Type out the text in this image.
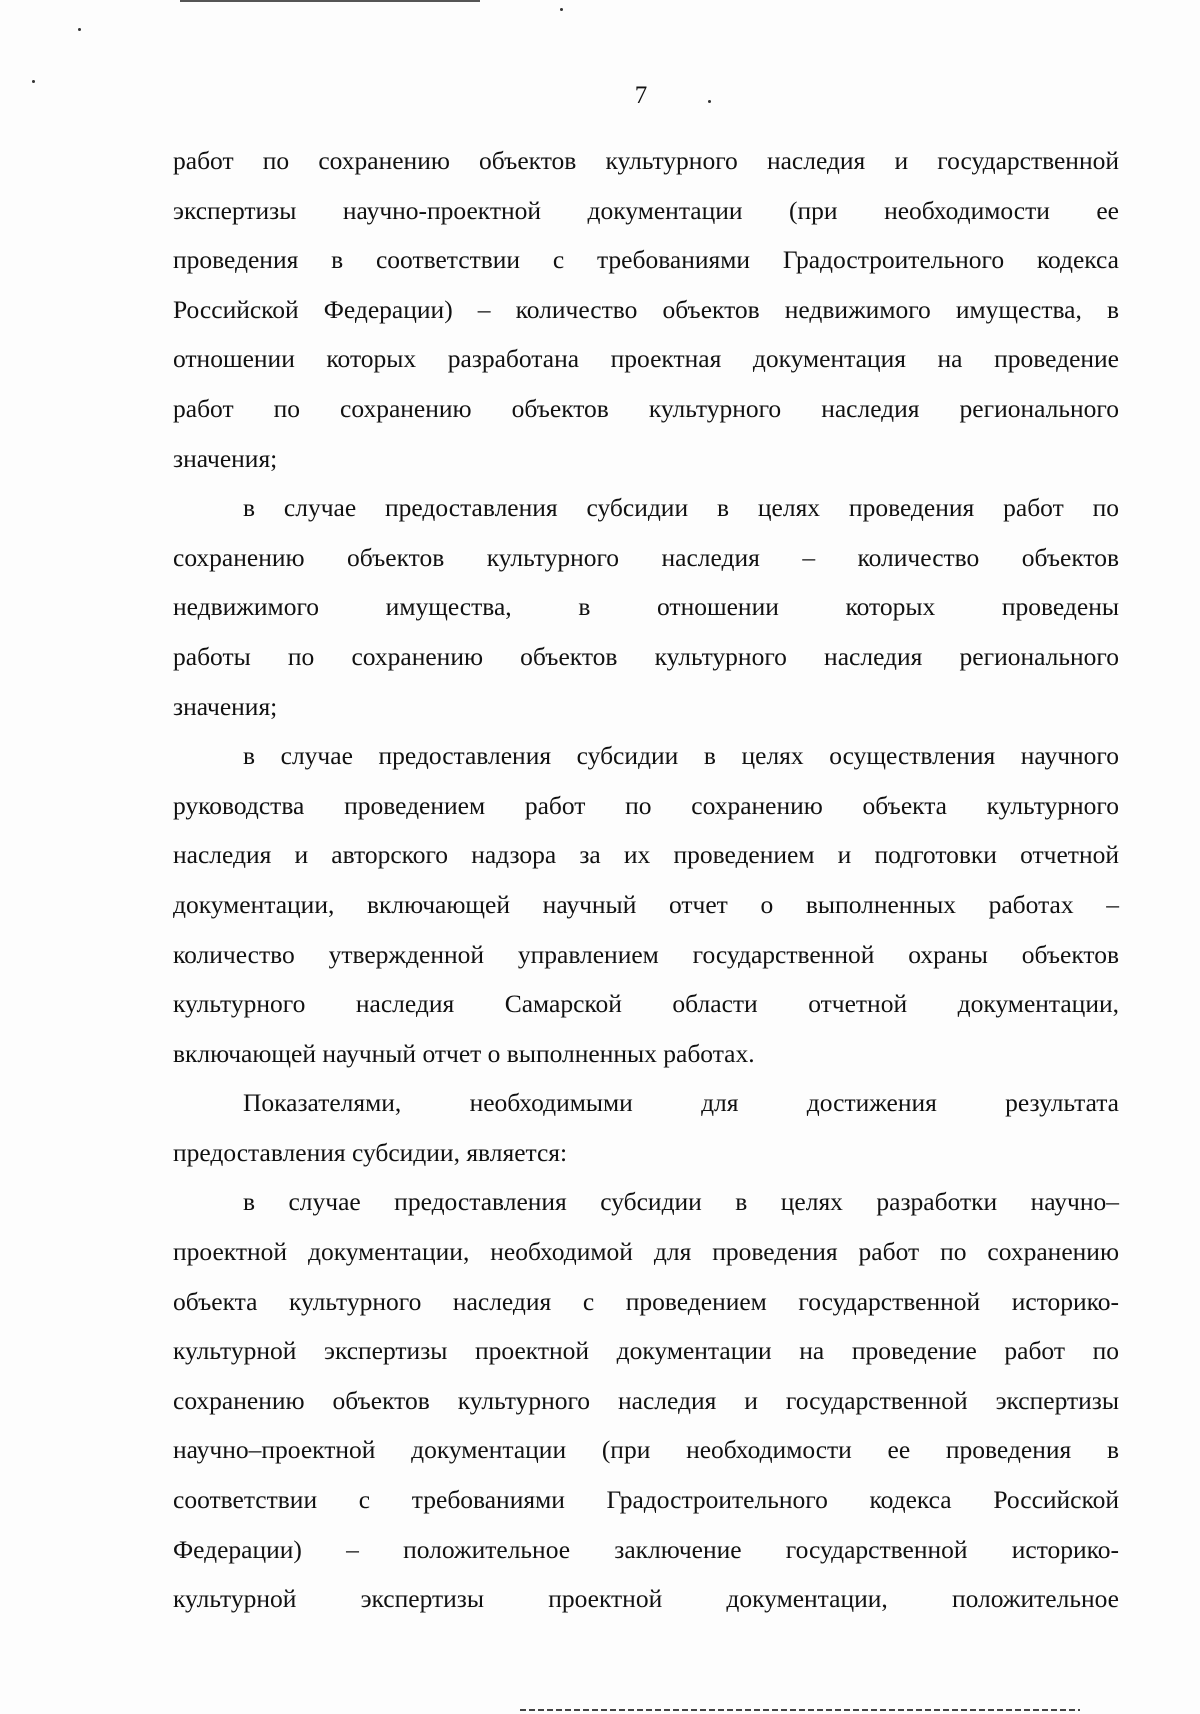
7

работ по сохранению объектов культурного наследия и государственной
экспертизы научно-проектной документации (при необходимости ее
проведения в соответствии с требованиями Градостроительного кодекса
Российской Федерации) – количество объектов недвижимого имущества, в
отношении которых разработана проектная документация на проведение
работ по сохранению объектов культурного наследия регионального
значения;

в случае предоставления субсидии в целях проведения работ по
сохранению объектов культурного наследия – количество объектов
недвижимого имущества, в отношении которых проведены
работы по сохранению объектов культурного наследия регионального
значения;

в случае предоставления субсидии в целях осуществления научного
руководства проведением работ по сохранению объекта культурного
наследия и авторского надзора за их проведением и подготовки отчетной
документации, включающей научный отчет о выполненных работах –
количество утвержденной управлением государственной охраны объектов
культурного наследия Самарской области отчетной документации,
включающей научный отчет о выполненных работах.

Показателями, необходимыми для достижения результата
предоставления субсидии, является:

в случае предоставления субсидии в целях разработки научно–
проектной документации, необходимой для проведения работ по сохранению
объекта культурного наследия с проведением государственной историко-
культурной экспертизы проектной документации на проведение работ по
сохранению объектов культурного наследия и государственной экспертизы
научно–проектной документации (при необходимости ее проведения в
соответствии с требованиями Градостроительного кодекса Российской
Федерации) – положительное заключение государственной историко-
культурной экспертизы проектной документации, положительное
